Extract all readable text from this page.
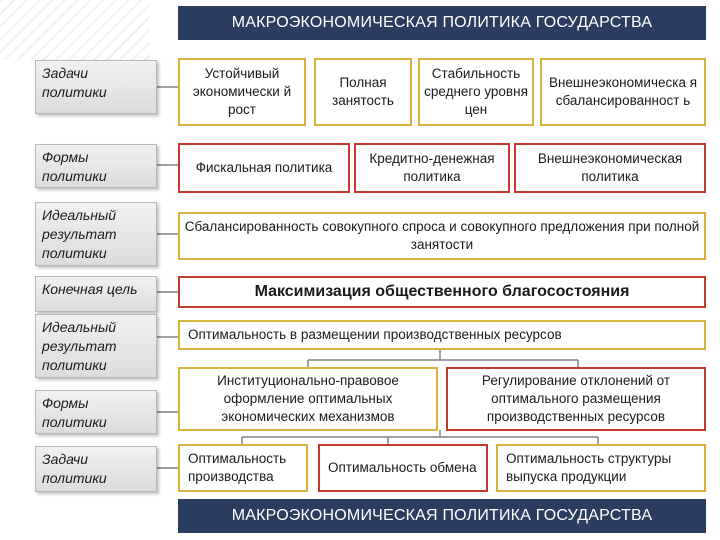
МАКРОЭКОНОМИЧЕСКАЯ ПОЛИТИКА ГОСУДАРСТВА
Задачи политики
Формы политики
Идеальный результат политики
Конечная цель
Идеальный результат политики
Формы политики
Задачи политики
Устойчивый экономически й рост
Полная занятость
Стабильность среднего уровня цен
Внешнеэкономическа я сбалансированност ь
Фискальная политика
Кредитно-денежная политика
Внешнеэкономическая политика
Сбалансированность совокупного спроса и совокупного предложения при полной занятости
Максимизация общественного благосостояния
Оптимальность в размещении производственных ресурсов
Институционально-правовое оформление оптимальных экономических механизмов
Регулирование отклонений от оптимального размещения производственных ресурсов
Оптимальность производства
Оптимальность обмена
Оптимальность структуры выпуска продукции
МАКРОЭКОНОМИЧЕСКАЯ ПОЛИТИКА ГОСУДАРСТВА
